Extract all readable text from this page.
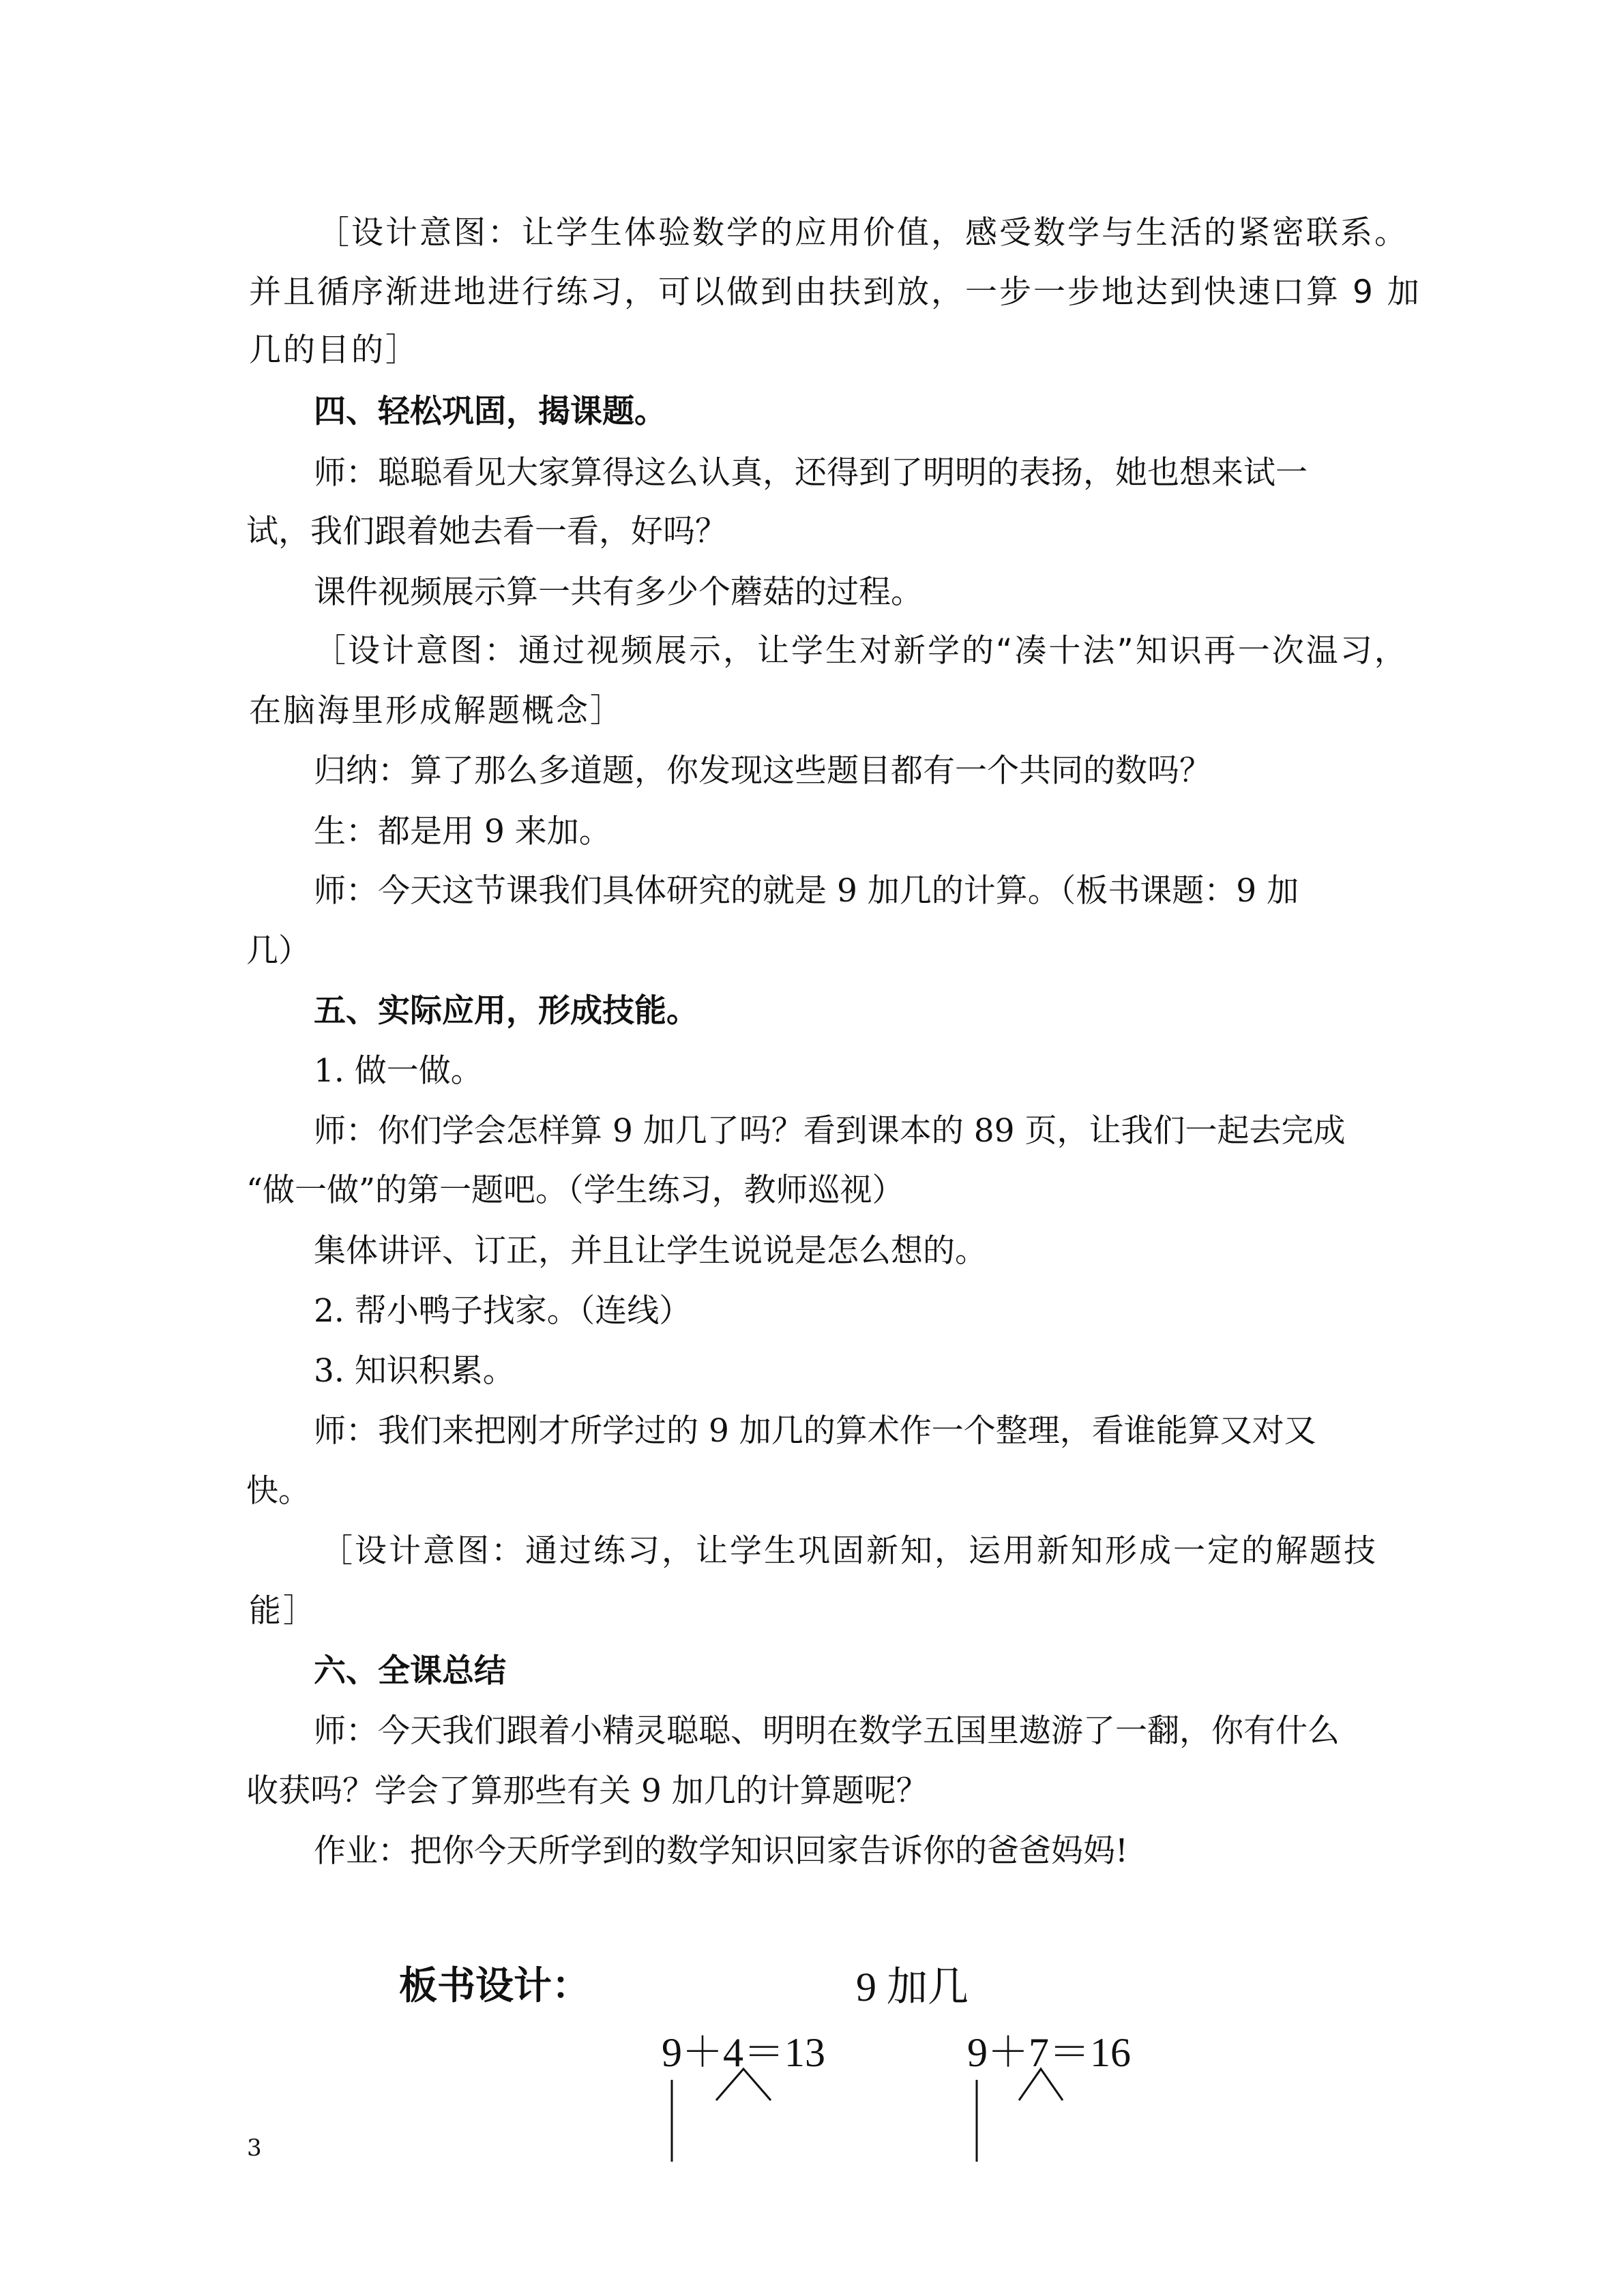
［设计意图：让学生体验数学的应用价值，感受数学与生活的紧密联系。
并且循序渐进地进行练习，可以做到由扶到放，一步一步地达到快速口算 9 加
几的目的］
四、轻松巩固，揭课题。
师：聪聪看见大家算得这么认真，还得到了明明的表扬，她也想来试一
试，我们跟着她去看一看，好吗？
课件视频展示算一共有多少个蘑菇的过程。
［设计意图：通过视频展示，让学生对新学的“凑十法”知识再一次温习，
在脑海里形成解题概念］
归纳：算了那么多道题，你发现这些题目都有一个共同的数吗？
生：都是用 9 来加。
师：今天这节课我们具体研究的就是 9 加几的计算。（板书课题：9 加
几）
五、实际应用，形成技能。
1. 做一做。
师：你们学会怎样算 9 加几了吗？看到课本的 89 页，让我们一起去完成
“做一做”的第一题吧。（学生练习，教师巡视）
集体讲评、订正，并且让学生说说是怎么想的。
2. 帮小鸭子找家。（连线）
3. 知识积累。
师：我们来把刚才所学过的 9 加几的算术作一个整理，看谁能算又对又
快。
［设计意图：通过练习，让学生巩固新知，运用新知形成一定的解题技
能］
六、全课总结
师：今天我们跟着小精灵聪聪、明明在数学五国里遨游了一翻，你有什么
收获吗？学会了算那些有关 9 加几的计算题呢？
作业：把你今天所学到的数学知识回家告诉你的爸爸妈妈!
板书设计：	9 加几
9＋4＝13	9＋7＝16
3
